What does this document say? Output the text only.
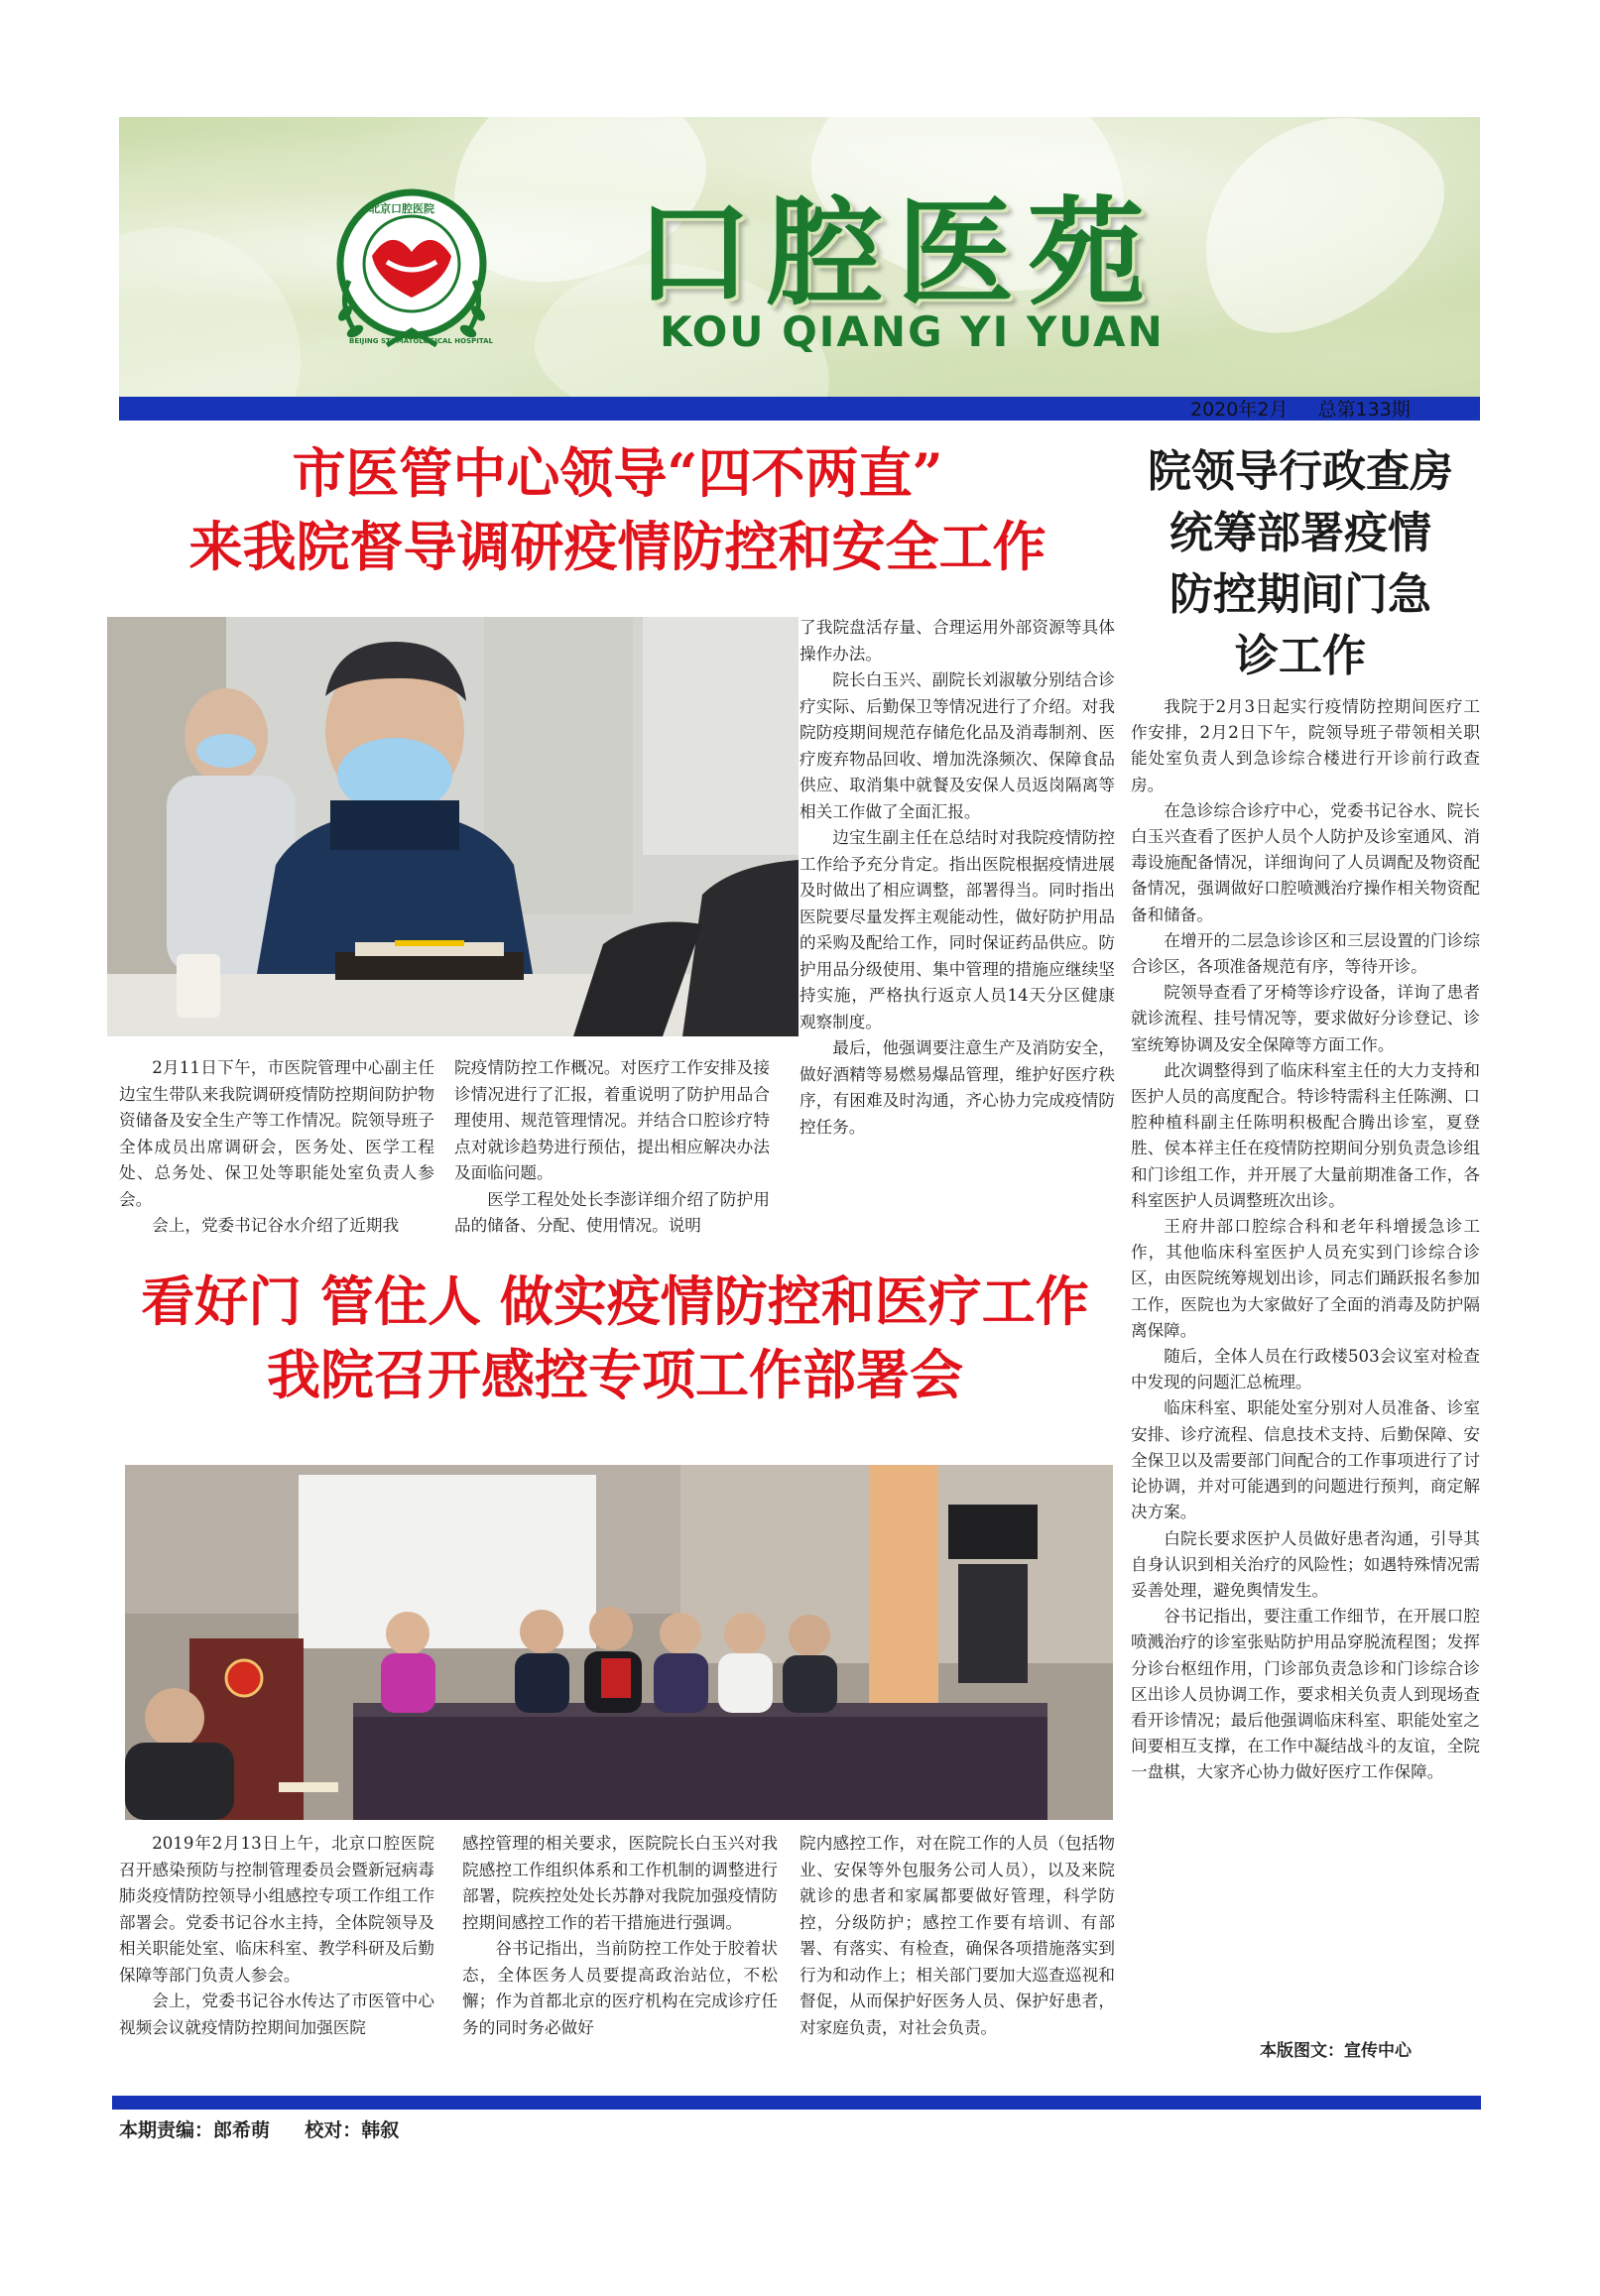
北京口腔医院
BEIJING STOMATOLOGICAL HOSPITAL
口腔医苑
KOU QIANG YI YUAN
2020年2月 总第133期
市医管中心领导“四不两直”
来我院督导调研疫情防控和安全工作

2月11日下午，市医院管理中心副主任边宝生带队来我院调研疫情防控期间防护物资储备及安全生产等工作情况。院领导班子全体成员出席调研会，医务处、医学工程处、总务处、保卫处等职能处室负责人参会。

会上，党委书记谷水介绍了近期我

院疫情防控工作概况。对医疗工作安排及接诊情况进行了汇报，着重说明了防护用品合理使用、规范管理情况。并结合口腔诊疗特点对就诊趋势进行预估，提出相应解决办法及面临问题。

医学工程处处长李澎详细介绍了防护用品的储备、分配、使用情况。说明

了我院盘活存量、合理运用外部资源等具体操作办法。

院长白玉兴、副院长刘淑敏分别结合诊疗实际、后勤保卫等情况进行了介绍。对我院防疫期间规范存储危化品及消毒制剂、医疗废弃物品回收、增加洗涤频次、保障食品供应、取消集中就餐及安保人员返岗隔离等相关工作做了全面汇报。

边宝生副主任在总结时对我院疫情防控工作给予充分肯定。指出医院根据疫情进展及时做出了相应调整，部署得当。同时指出医院要尽量发挥主观能动性，做好防护用品的采购及配给工作，同时保证药品供应。防护用品分级使用、集中管理的措施应继续坚持实施，严格执行返京人员14天分区健康观察制度。

最后，他强调要注意生产及消防安全，做好酒精等易燃易爆品管理，维护好医疗秩序，有困难及时沟通，齐心协力完成疫情防控任务。

院领导行政查房
统筹部署疫情
防控期间门急
诊工作

我院于2月3日起实行疫情防控期间医疗工作安排，2月2日下午，院领导班子带领相关职能处室负责人到急诊综合楼进行开诊前行政查房。

在急诊综合诊疗中心，党委书记谷水、院长白玉兴查看了医护人员个人防护及诊室通风、消毒设施配备情况，详细询问了人员调配及物资配备情况，强调做好口腔喷溅治疗操作相关物资配备和储备。

在增开的二层急诊诊区和三层设置的门诊综合诊区，各项准备规范有序，等待开诊。

院领导查看了牙椅等诊疗设备，详询了患者就诊流程、挂号情况等，要求做好分诊登记、诊室统筹协调及安全保障等方面工作。

此次调整得到了临床科室主任的大力支持和医护人员的高度配合。特诊特需科主任陈溯、口腔种植科副主任陈明积极配合腾出诊室，夏登胜、侯本祥主任在疫情防控期间分别负责急诊组和门诊组工作，并开展了大量前期准备工作，各科室医护人员调整班次出诊。

王府井部口腔综合科和老年科增援急诊工作，其他临床科室医护人员充实到门诊综合诊区，由医院统筹规划出诊，同志们踊跃报名参加工作，医院也为大家做好了全面的消毒及防护隔离保障。

随后，全体人员在行政楼503会议室对检查中发现的问题汇总梳理。

临床科室、职能处室分别对人员准备、诊室安排、诊疗流程、信息技术支持、后勤保障、安全保卫以及需要部门间配合的工作事项进行了讨论协调，并对可能遇到的问题进行预判，商定解决方案。

白院长要求医护人员做好患者沟通，引导其自身认识到相关治疗的风险性；如遇特殊情况需妥善处理，避免舆情发生。

谷书记指出，要注重工作细节，在开展口腔喷溅治疗的诊室张贴防护用品穿脱流程图；发挥分诊台枢纽作用，门诊部负责急诊和门诊综合诊区出诊人员协调工作，要求相关负责人到现场查看开诊情况；最后他强调临床科室、职能处室之间要相互支撑，在工作中凝结战斗的友谊，全院一盘棋，大家齐心协力做好医疗工作保障。

本版图文：宣传中心
看好门 管住人 做实疫情防控和医疗工作
我院召开感控专项工作部署会

2019年2月13日上午，北京口腔医院召开感染预防与控制管理委员会暨新冠病毒肺炎疫情防控领导小组感控专项工作组工作部署会。党委书记谷水主持，全体院领导及相关职能处室、临床科室、教学科研及后勤保障等部门负责人参会。

会上，党委书记谷水传达了市医管中心视频会议就疫情防控期间加强医院

感控管理的相关要求，医院院长白玉兴对我院感控工作组织体系和工作机制的调整进行部署，院疾控处处长苏静对我院加强疫情防控期间感控工作的若干措施进行强调。

谷书记指出，当前防控工作处于胶着状态，全体医务人员要提高政治站位，不松懈；作为首都北京的医疗机构在完成诊疗任务的同时务必做好

院内感控工作，对在院工作的人员（包括物业、安保等外包服务公司人员），以及来院就诊的患者和家属都要做好管理，科学防控，分级防护；感控工作要有培训、有部署、有落实、有检查，确保各项措施落实到行为和动作上；相关部门要加大巡查巡视和督促，从而保护好医务人员、保护好患者，对家庭负责，对社会负责。

本期责编：郎希萌 校对：韩叙
